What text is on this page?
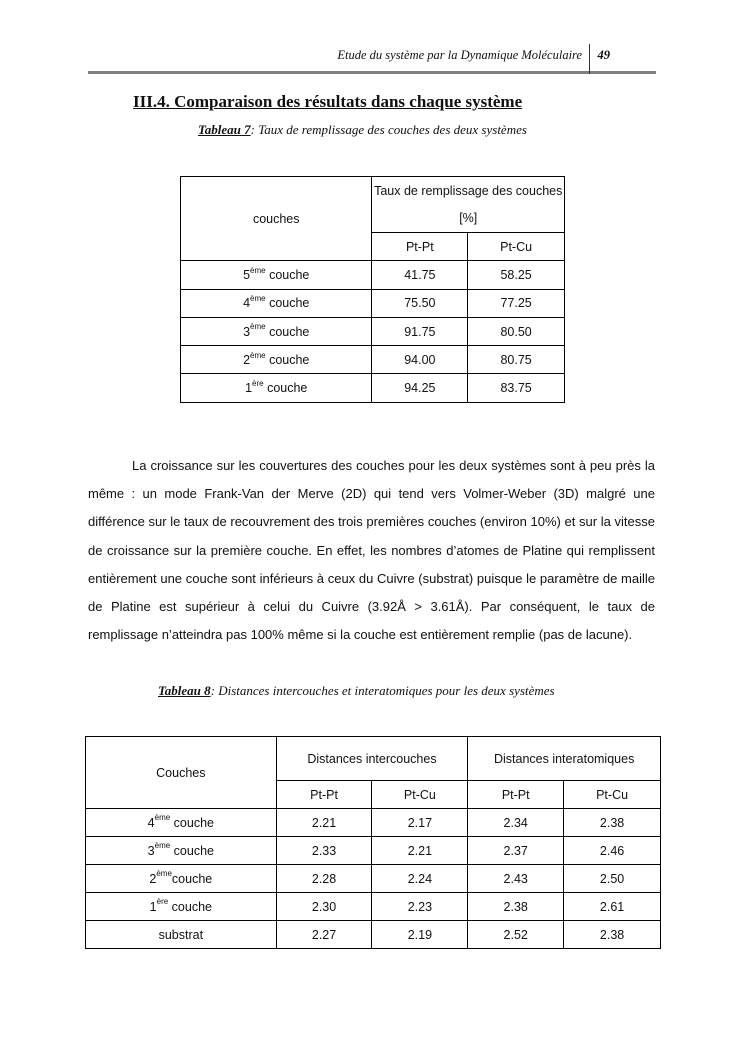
Etude du système par la Dynamique Moléculaire 49
III.4. Comparaison des résultats dans chaque système
Tableau 7: Taux de remplissage des couches des deux systèmes
couches	Taux de remplissage des couches [%]	
	Pt-Pt	Pt-Cu
5ème couche	41.75	58.25
4ème couche	75.50	77.25
3ème couche	91.75	80.50
2ème couche	94.00	80.75
1ère couche	94.25	83.75

La croissance sur les couvertures des couches pour les deux systèmes sont à peu près la même : un mode Frank-Van der Merve (2D) qui tend vers Volmer-Weber (3D) malgré une différence sur le taux de recouvrement des trois premières couches (environ 10%) et sur la vitesse de croissance sur la première couche. En effet, les nombres d’atomes de Platine qui remplissent entièrement une couche sont inférieurs à ceux du Cuivre (substrat) puisque le paramètre de maille de Platine est supérieur à celui du Cuivre (3.92Å > 3.61Å). Par conséquent, le taux de remplissage n’atteindra pas 100% même si la couche est entièrement remplie (pas de lacune).

Tableau 8: Distances intercouches et interatomiques pour les deux systèmes
Couches	Distances intercouches		Distances interatomiques	
	Pt-Pt	Pt-Cu	Pt-Pt	Pt-Cu
4ème couche	2.21	2.17	2.34	2.38
3ème couche	2.33	2.21	2.37	2.46
2èmecouche	2.28	2.24	2.43	2.50
1ère couche	2.30	2.23	2.38	2.61
substrat	2.27	2.19	2.52	2.38
